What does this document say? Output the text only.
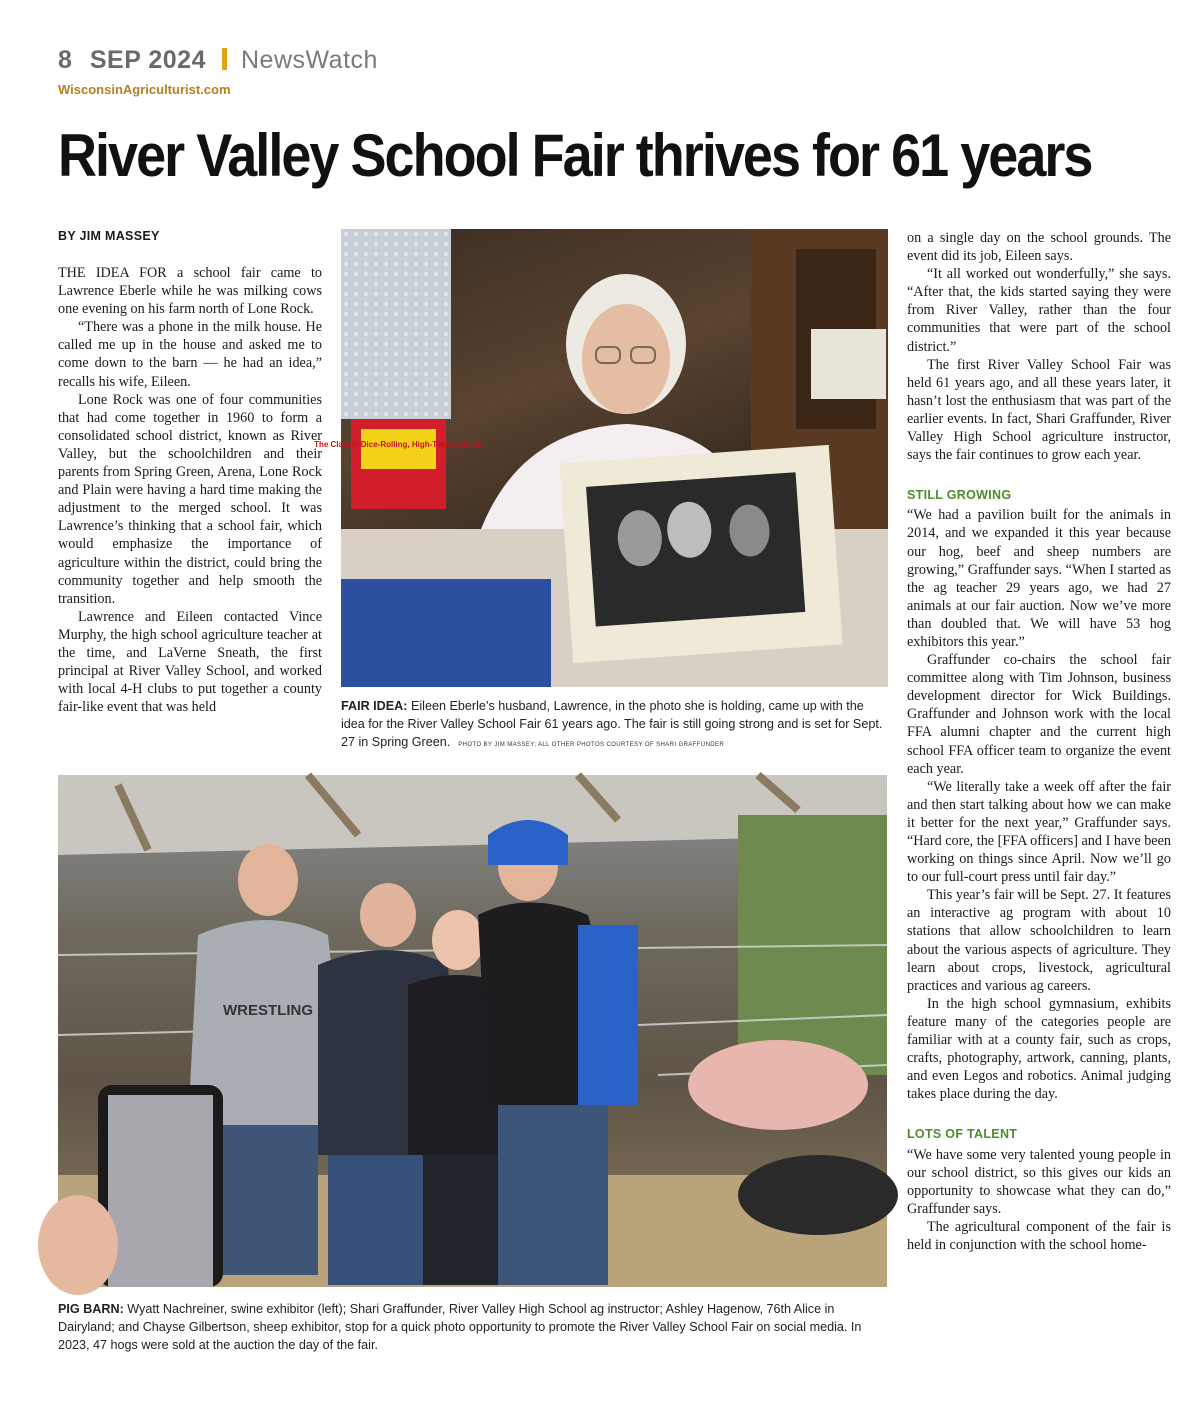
8 SEP 2024 NewsWatch
WisconsinAgriculturist.com
River Valley School Fair thrives for 61 years
BY JIM MASSEY

THE IDEA FOR a school fair came to Lawrence Eberle while he was milking cows one evening on his farm north of Lone Rock.

“There was a phone in the milk house. He called me up in the house and asked me to come down to the barn — he had an idea,” recalls his wife, Eileen.

Lone Rock was one of four communities that had come together in 1960 to form a consolidated school district, known as River Valley, but the schoolchildren and their parents from Spring Green, Arena, Lone Rock and Plain were having a hard time making the adjustment to the merged school. It was Lawrence’s thinking that a school fair, which would emphasize the importance of agriculture within the district, could bring the community together and help smooth the transition.

Lawrence and Eileen contacted Vince Murphy, the high school agriculture teacher at the time, and LaVerne Sneath, the first principal at River Valley School, and worked with local 4-H clubs to put together a county fair-like event that was held

The Classic Dice-Rolling, High-Taking Game
FAIR IDEA: Eileen Eberle’s husband, Lawrence, in the photo she is holding, came up with the idea for the River Valley School Fair 61 years ago. The fair is still going strong and is set for Sept. 27 in Spring Green. PHOTO BY JIM MASSEY; ALL OTHER PHOTOS COURTESY OF SHARI GRAFFUNDER
WRESTLING
PIG BARN: Wyatt Nachreiner, swine exhibitor (left); Shari Graffunder, River Valley High School ag instructor; Ashley Hagenow, 76th Alice in Dairyland; and Chayse Gilbertson, sheep exhibitor, stop for a quick photo opportunity to promote the River Valley School Fair on social media. In 2023, 47 hogs were sold at the auction the day of the fair.

on a single day on the school grounds. The event did its job, Eileen says.

“It all worked out wonderfully,” she says. “After that, the kids started saying they were from River Valley, rather than the four communities that were part of the school district.”

The first River Valley School Fair was held 61 years ago, and all these years later, it hasn’t lost the enthusiasm that was part of the earlier events. In fact, Shari Graffunder, River Valley High School agriculture instructor, says the fair continues to grow each year.

STILL GROWING

“We had a pavilion built for the animals in 2014, and we expanded it this year because our hog, beef and sheep numbers are growing,” Graffunder says. “When I started as the ag teacher 29 years ago, we had 27 animals at our fair auction. Now we’ve more than doubled that. We will have 53 hog exhibitors this year.”

Graffunder co-chairs the school fair committee along with Tim Johnson, business development director for Wick Buildings. Graffunder and Johnson work with the local FFA alumni chapter and the current high school FFA officer team to organize the event each year.

“We literally take a week off after the fair and then start talking about how we can make it better for the next year,” Graffunder says. “Hard core, the [FFA officers] and I have been working on things since April. Now we’ll go to our full-court press until fair day.”

This year’s fair will be Sept. 27. It features an interactive ag program with about 10 stations that allow schoolchildren to learn about the various aspects of agriculture. They learn about crops, livestock, agricultural practices and various ag careers.

In the high school gymnasium, exhibits feature many of the categories people are familiar with at a county fair, such as crops, crafts, photography, artwork, canning, plants, and even Legos and robotics. Animal judging takes place during the day.

LOTS OF TALENT

“We have some very talented young people in our school district, so this gives our kids an opportunity to showcase what they can do,” Graffunder says.

The agricultural component of the fair is held in conjunction with the school home-
